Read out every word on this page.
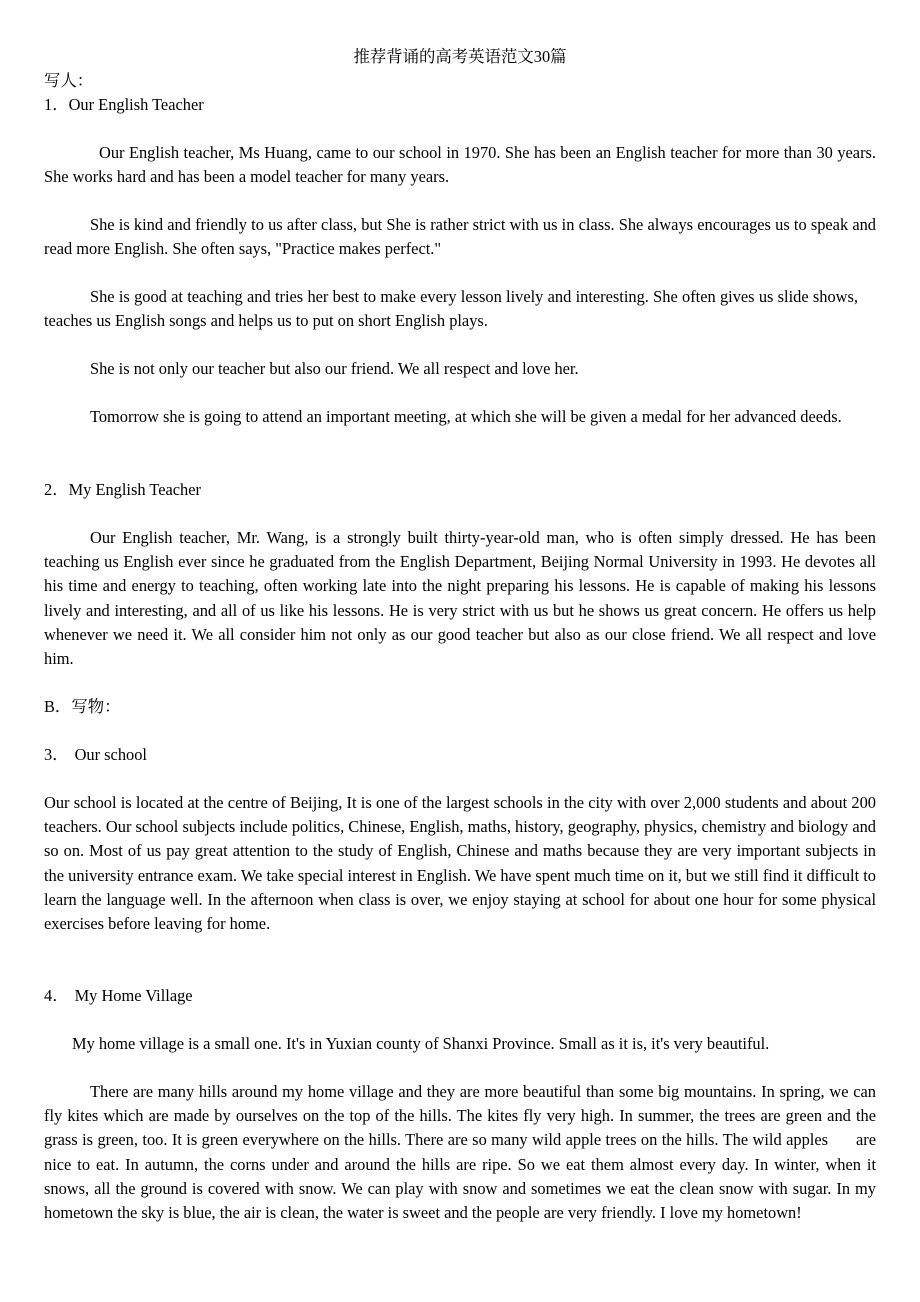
推荐背诵的高考英语范文30篇
写人：
1．Our English Teacher

Our English teacher, Ms Huang, came to our school in 1970. She has been an English teacher for more than 30 years. She works hard and has been a model teacher for many years.

She is kind and friendly to us after class, but She is rather strict with us in class. She always encourages us to speak and read more English. She often says, "Practice makes perfect."

She is good at teaching and tries her best to make every lesson lively and interesting. She often gives us slide shows,teaches us English songs and helps us to put on short English plays.

She is not only our teacher but also our friend. We all respect and love her.

Tomorrow she is going to attend an important meeting, at which she will be given a medal for her advanced deeds.

2．My English Teacher

Our English teacher, Mr. Wang, is a strongly built thirty-year-old man, who is often simply dressed. He has been teaching us English ever since he graduated from the English Department, Beijing Normal University in 1993. He devotes all his time and energy to teaching, often working late into the night preparing his lessons. He is capable of making his lessons lively and interesting, and all of us like his lessons. He is very strict with us but he shows us great concern. He offers us help whenever we need it. We all consider him not only as our good teacher but also as our close friend. We all respect and love him.

B．写物：
3． Our school

Our school is located at the centre of Beijing, It is one of the largest schools in the city with over 2,000 students and about 200 teachers. Our school subjects include politics, Chinese, English, maths, history, geography, physics, chemistry and biology and so on. Most of us pay great attention to the study of English, Chinese and maths because they are very important subjects in the university entrance exam. We take special interest in English. We have spent much time on it, but we still find it difficult to learn the language well. In the afternoon when class is over, we enjoy staying at school for about one hour for some physical exercises before leaving for home.

4． My Home Village

My home village is a small one. It's in Yuxian county of Shanxi Province. Small as it is, it's very beautiful.

There are many hills around my home village and they are more beautiful than some big mountains. In spring, we can fly kites which are made by ourselves on the top of the hills. The kites fly very high. In summer, the trees are green and the grass is green, too. It is green everywhere on the hills. There are so many wild apple trees on the hills. The wild apples are nice to eat. In autumn, the corns under and around the hills are ripe. So we eat them almost every day. In winter, when it snows, all the ground is covered with snow. We can play with snow and sometimes we eat the clean snow with sugar. In my hometown the sky is blue, the air is clean, the water is sweet and the people are very friendly. I love my hometown!
